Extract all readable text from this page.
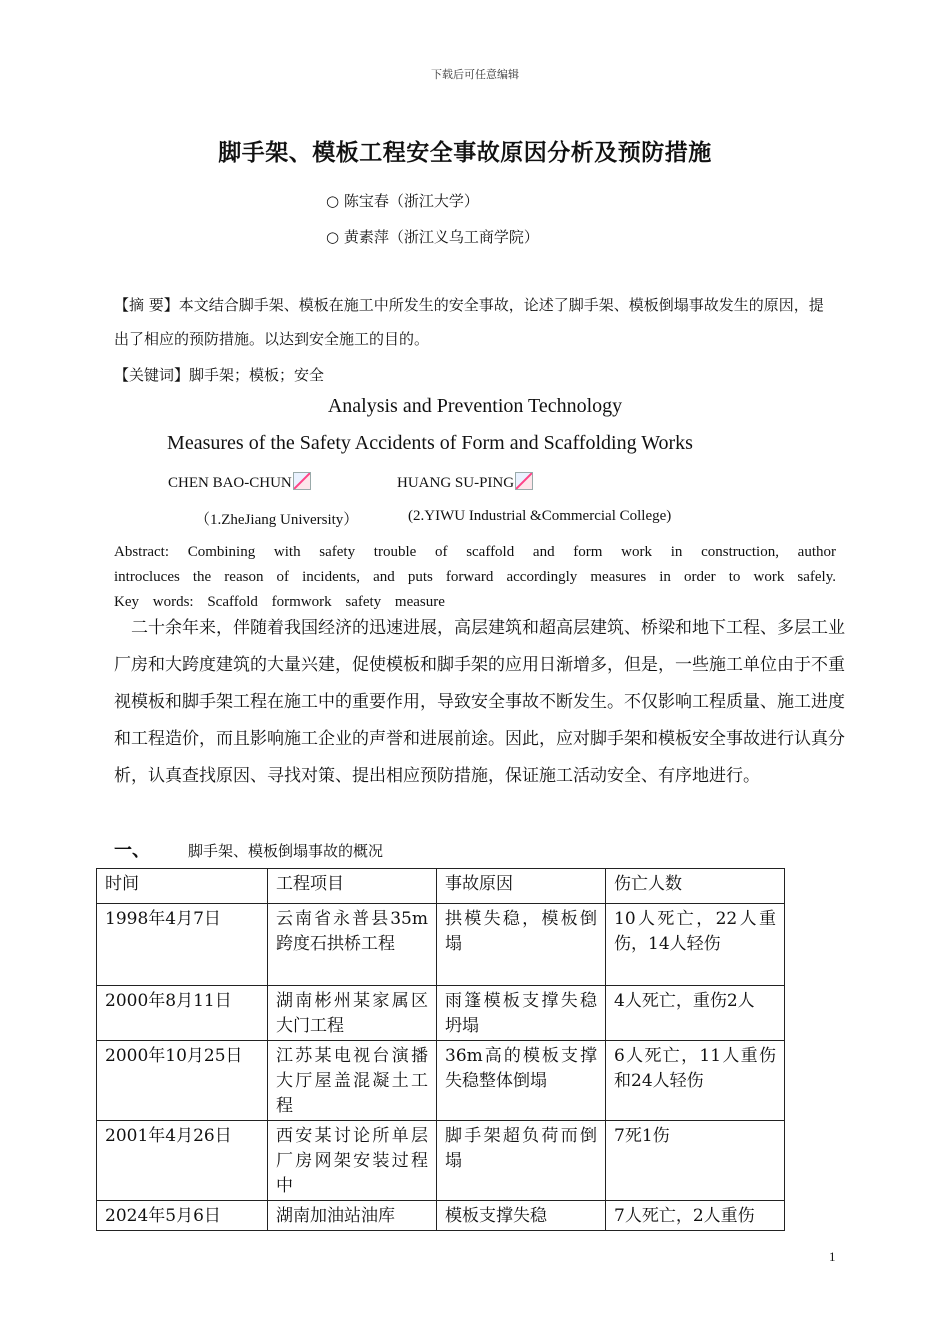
下载后可任意编辑
脚手架、模板工程安全事故原因分析及预防措施
○ 陈宝春（浙江大学）
○ 黄素萍（浙江义乌工商学院）
【摘 要】本文结合脚手架、模板在施工中所发生的安全事故，论述了脚手架、模板倒塌事故发生的原因，提出了相应的预防措施。以达到安全施工的目的。
【关键词】脚手架；模板；安全
Analysis and Prevention Technology
Measures of the Safety Accidents of Form and Scaffolding Works
CHEN BAO-CHUN	HUANG SU-PING
（1.ZheJiang University）	(2.YIWU Industrial &Commercial College)
Abstract: Combining with safety trouble of scaffold and form work in construction, author
introcluces the reason of incidents, and puts forward accordingly measures in order to work safely.
Key words: Scaffold formwork safety measure

二十余年来，伴随着我国经济的迅速进展，高层建筑和超高层建筑、桥梁和地下工程、多层工业厂房和大跨度建筑的大量兴建，促使模板和脚手架的应用日渐增多，但是，一些施工单位由于不重视模板和脚手架工程在施工中的重要作用，导致安全事故不断发生。不仅影响工程质量、施工进度和工程造价，而且影响施工企业的声誉和进展前途。因此，应对脚手架和模板安全事故进行认真分析，认真查找原因、寻找对策、提出相应预防措施，保证施工活动安全、有序地进行。

一、	脚手架、模板倒塌事故的概况
时间	工程项目	事故原因	伤亡人数
1998年4月7日	云南省永普县35m跨度石拱桥工程	拱模失稳，模板倒塌	10人死亡，22人重伤，14人轻伤
2000年8月11日	湖南彬州某家属区大门工程	雨篷模板支撑失稳坍塌	4人死亡，重伤2人
2000年10月25日	江苏某电视台演播大厅屋盖混凝土工程	36m高的模板支撑失稳整体倒塌	6人死亡，11人重伤和24人轻伤
2001年4月26日	西安某讨论所单层厂房网架安装过程中	脚手架超负荷而倒塌	7死1伤
2024年5月6日	湖南加油站油库	模板支撑失稳	7人死亡，2人重伤
1
